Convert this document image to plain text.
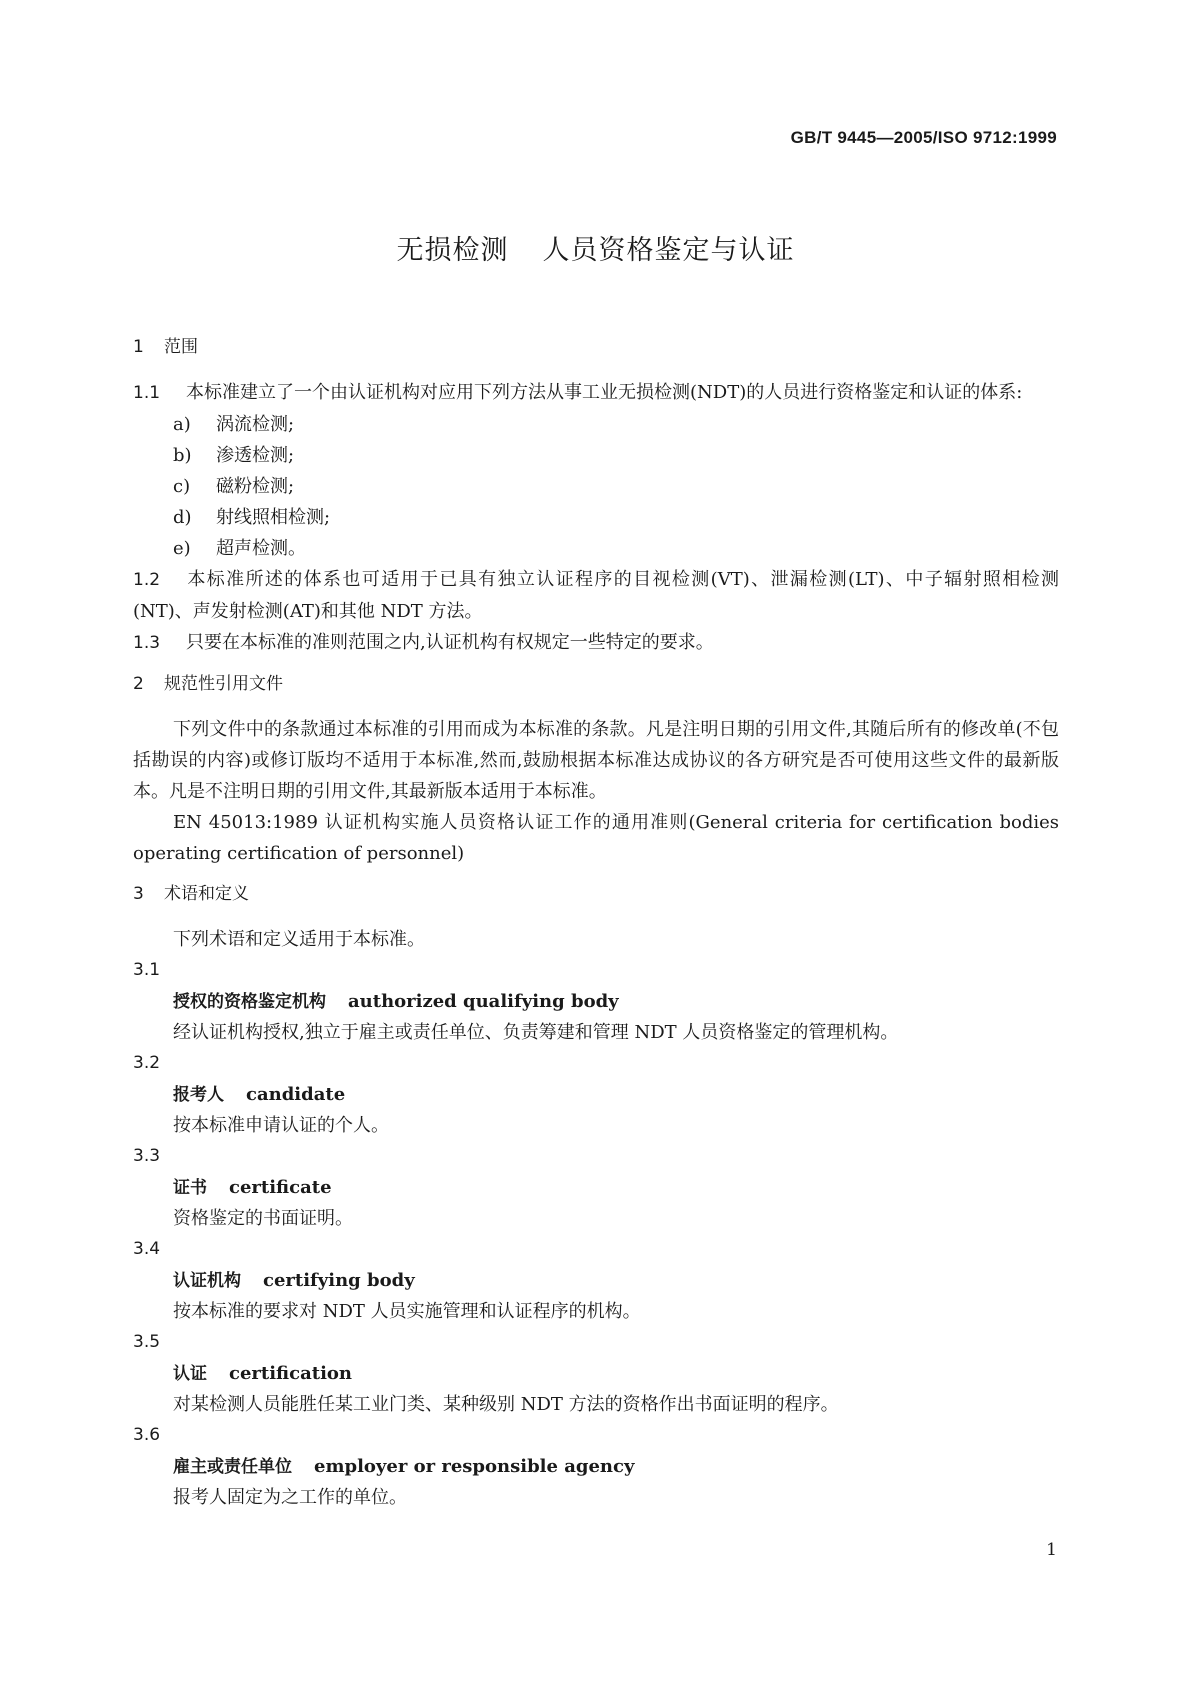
GB/T 9445—2005/ISO 9712:1999
无损检测 人员资格鉴定与认证
1 范围

1.1 本标准建立了一个由认证机构对应用下列方法从事工业无损检测(NDT)的人员进行资格鉴定和认证的体系:

a) 涡流检测;
b) 渗透检测;
c) 磁粉检测;
d) 射线照相检测;
e) 超声检测。

1.2 本标准所述的体系也可适用于已具有独立认证程序的目视检测(VT)、泄漏检测(LT)、中子辐射照相检测(NT)、声发射检测(AT)和其他 NDT 方法。

1.3 只要在本标准的准则范围之内,认证机构有权规定一些特定的要求。

2 规范性引用文件

下列文件中的条款通过本标准的引用而成为本标准的条款。凡是注明日期的引用文件,其随后所有的修改单(不包括勘误的内容)或修订版均不适用于本标准,然而,鼓励根据本标准达成协议的各方研究是否可使用这些文件的最新版本。凡是不注明日期的引用文件,其最新版本适用于本标准。

EN 45013:1989 认证机构实施人员资格认证工作的通用准则(General criteria for certification bodies operating certification of personnel)

3 术语和定义

下列术语和定义适用于本标准。

3.1
授权的资格鉴定机构 authorized qualifying body

经认证机构授权,独立于雇主或责任单位、负责筹建和管理 NDT 人员资格鉴定的管理机构。

3.2
报考人 candidate

按本标准申请认证的个人。

3.3
证书 certificate

资格鉴定的书面证明。

3.4
认证机构 certifying body

按本标准的要求对 NDT 人员实施管理和认证程序的机构。

3.5
认证 certification

对某检测人员能胜任某工业门类、某种级别 NDT 方法的资格作出书面证明的程序。

3.6
雇主或责任单位 employer or responsible agency

报考人固定为之工作的单位。

1
